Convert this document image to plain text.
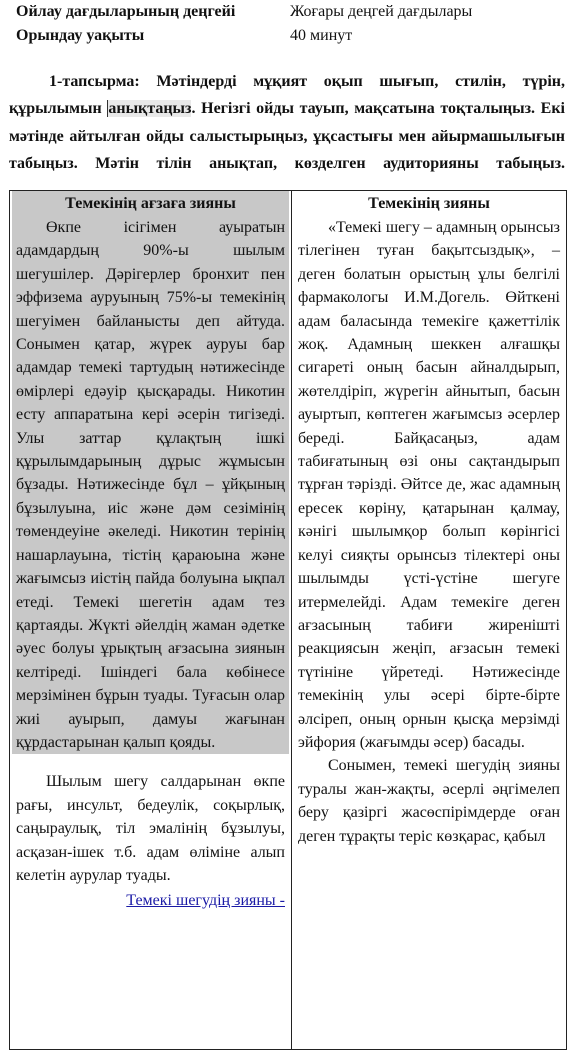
Ойлау дағдыларының деңгейі	Жоғары деңгей дағдылары
Орындау уақыты	40 минут

1-тапсырма: Мәтіндерді мұқият оқып шығып, стилін, түрін, құрылымын анықтаңыз. Негізгі ойды тауып, мақсатына тоқталыңыз. Екі мәтінде айтылған ойды салыстырыңыз, ұқсастығы мен айырмашылығын табыңыз. Мәтін тілін анықтап, көзделген аудиторияны табыңыз.

Темекінің ағзаға зияны

Өкпе ісігімен ауыратын адамдардың 90%-ы шылым шегушілер. Дәрігерлер бронхит пен эффизема ауруының 75%-ы темекінің шегуімен байланысты деп айтуда. Сонымен қатар, жүрек ауруы бар адамдар темекі тартудың нәтижесінде өмірлері едәуір қысқарады. Никотин есту аппаратына кері әсерін тигізеді. Улы заттар құлақтың ішкі құрылымдарының дұрыс жұмысын бұзады. Нәтижесінде бұл – ұйқының бұзылуына, иіс және дәм сезімінің төмендеуіне әкеледі. Никотин терінің нашарлауына, тістің қараюына және жағымсыз иістің пайда болуына ықпал етеді. Темекі шегетін адам тез қартаяды. Жүкті әйелдің жаман әдетке әуес болуы ұрықтың ағзасына зиянын келтіреді. Ішіндегі бала көбінесе мерзімінен бұрын туады. Туғасын олар жиі ауырып, дамуы жағынан құрдастарынан қалып қояды.

Шылым шегу салдарынан өкпе рағы, инсульт, бедеулік, соқырлық, саңыраулық, тіл эмалінің бұзылуы, асқазан-ішек т.б. адам өліміне алып келетін аурулар туады.

Темекі шегудің зияны -
Темекінің зияны

«Темекі шегу – адамның орынсыз тілегінен туған бақытсыздық», – деген болатын орыстың ұлы белгілі фармакологы И.М.Догель. Өйткені адам баласында темекіге қажеттілік жоқ. Адамның шеккен алғашқы сигареті оның басын айналдырып, жөтелдіріп, жүрегін айнытып, басын ауыртып, көптеген жағымсыз әсерлер береді. Байқасаңыз, адам табиғатының өзі оны сақтандырып тұрған тәрізді. Әйтсе де, жас адамның ересек көріну, қатарынан қалмау, кәнігі шылымқор болып көрінгісі келуі сияқты орынсыз тілектері оны шылымды үсті-үстіне шегуге итермелейді. Адам темекіге деген ағзасының табиғи жиренішті реакциясын жеңіп, ағзасын темекі түтініне үйретеді. Нәтижесінде темекінің улы әсері бірте-бірте әлсіреп, оның орнын қысқа мерзімді эйфория (жағымды әсер) басады.

Сонымен, темекі шегудің зияны туралы жан-жақты, әсерлі әңгімелеп беру қазіргі жасөспірімдерде оған деген тұрақты теріс көзқарас, қабыл
